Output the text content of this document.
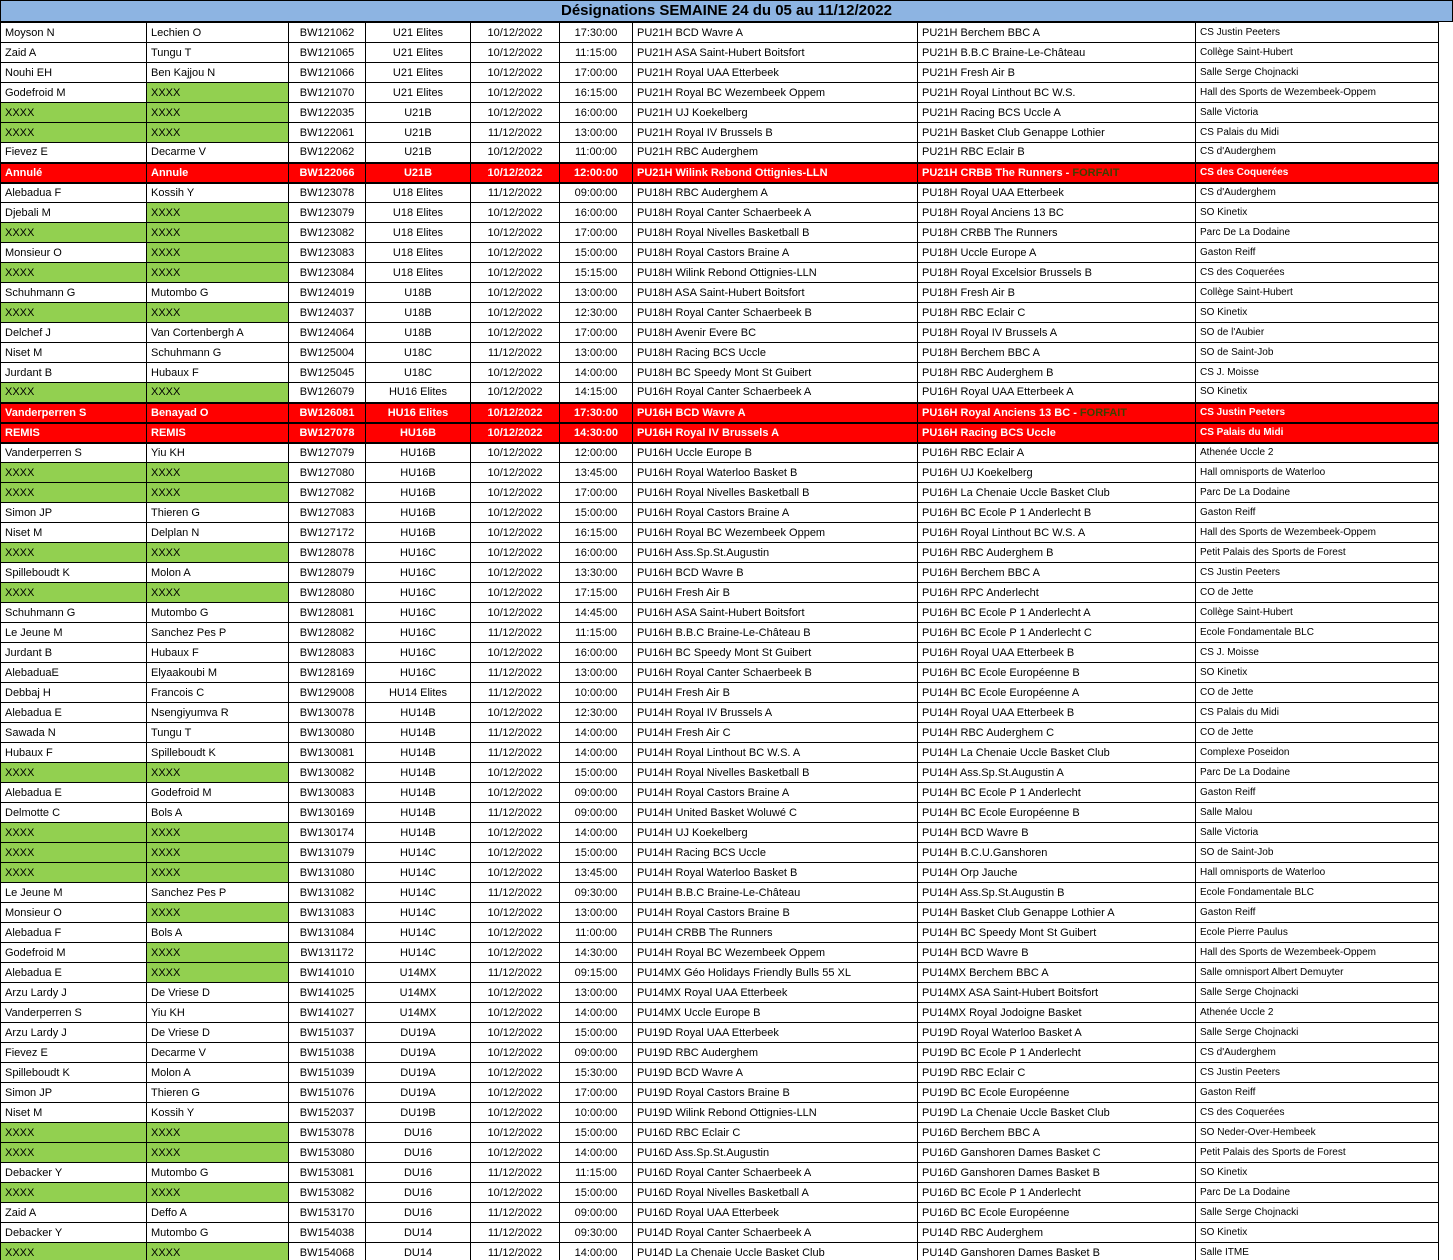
Désignations SEMAINE 24 du 05 au 11/12/2022
Moyson N	Lechien O	BW121062	U21 Elites	10/12/2022	17:30:00	PU21H BCD Wavre A	PU21H Berchem BBC A	CS Justin Peeters
Zaid A	Tungu T	BW121065	U21 Elites	10/12/2022	11:15:00	PU21H ASA Saint-Hubert Boitsfort	PU21H B.B.C Braine-Le-Château	Collège Saint-Hubert
Nouhi EH	Ben Kajjou N	BW121066	U21 Elites	10/12/2022	17:00:00	PU21H Royal UAA Etterbeek	PU21H Fresh Air B	Salle Serge Chojnacki
Godefroid M	XXXX	BW121070	U21 Elites	10/12/2022	16:15:00	PU21H Royal BC Wezembeek Oppem	PU21H Royal Linthout BC W.S.	Hall des Sports de Wezembeek-Oppem
XXXX	XXXX	BW122035	U21B	10/12/2022	16:00:00	PU21H UJ Koekelberg	PU21H Racing BCS Uccle A	Salle Victoria
XXXX	XXXX	BW122061	U21B	11/12/2022	13:00:00	PU21H Royal IV Brussels B	PU21H Basket Club Genappe Lothier	CS Palais du Midi
Fievez E	Decarme V	BW122062	U21B	10/12/2022	11:00:00	PU21H RBC Auderghem	PU21H RBC Eclair B	CS d'Auderghem
Annulé	Annule	BW122066	U21B	10/12/2022	12:00:00	PU21H Wilink Rebond Ottignies-LLN	PU21H CRBB The Runners - FORFAIT	CS des Coquerées
Alebadua F	Kossih Y	BW123078	U18 Elites	11/12/2022	09:00:00	PU18H RBC Auderghem A	PU18H Royal UAA Etterbeek	CS d'Auderghem
Djebali M	XXXX	BW123079	U18 Elites	10/12/2022	16:00:00	PU18H Royal Canter Schaerbeek A	PU18H Royal Anciens 13 BC	SO Kinetix
XXXX	XXXX	BW123082	U18 Elites	10/12/2022	17:00:00	PU18H Royal Nivelles Basketball B	PU18H CRBB The Runners	Parc De La Dodaine
Monsieur O	XXXX	BW123083	U18 Elites	10/12/2022	15:00:00	PU18H Royal Castors Braine A	PU18H Uccle Europe A	Gaston Reiff
XXXX	XXXX	BW123084	U18 Elites	10/12/2022	15:15:00	PU18H Wilink Rebond Ottignies-LLN	PU18H Royal Excelsior Brussels B	CS des Coquerées
Schuhmann G	Mutombo G	BW124019	U18B	10/12/2022	13:00:00	PU18H ASA Saint-Hubert Boitsfort	PU18H Fresh Air B	Collège Saint-Hubert
XXXX	XXXX	BW124037	U18B	10/12/2022	12:30:00	PU18H Royal Canter Schaerbeek B	PU18H RBC Eclair C	SO Kinetix
Delchef J	Van Cortenbergh A	BW124064	U18B	10/12/2022	17:00:00	PU18H Avenir Evere BC	PU18H Royal IV Brussels A	SO de l'Aubier
Niset M	Schuhmann G	BW125004	U18C	11/12/2022	13:00:00	PU18H Racing BCS Uccle	PU18H Berchem BBC A	SO de Saint-Job
Jurdant B	Hubaux F	BW125045	U18C	10/12/2022	14:00:00	PU18H BC Speedy Mont St Guibert	PU18H RBC Auderghem B	CS J. Moisse
XXXX	XXXX	BW126079	HU16 Elites	10/12/2022	14:15:00	PU16H Royal Canter Schaerbeek A	PU16H Royal UAA Etterbeek A	SO Kinetix
Vanderperren S	Benayad O	BW126081	HU16 Elites	10/12/2022	17:30:00	PU16H BCD Wavre A	PU16H Royal Anciens 13 BC - FORFAIT	CS Justin Peeters
REMIS	REMIS	BW127078	HU16B	10/12/2022	14:30:00	PU16H Royal IV Brussels A	PU16H Racing BCS Uccle	CS Palais du Midi
Vanderperren S	Yiu KH	BW127079	HU16B	10/12/2022	12:00:00	PU16H Uccle Europe B	PU16H RBC Eclair A	Athenée Uccle 2
XXXX	XXXX	BW127080	HU16B	10/12/2022	13:45:00	PU16H Royal Waterloo Basket B	PU16H UJ Koekelberg	Hall omnisports de Waterloo
XXXX	XXXX	BW127082	HU16B	10/12/2022	17:00:00	PU16H Royal Nivelles Basketball B	PU16H La Chenaie Uccle Basket Club	Parc De La Dodaine
Simon JP	Thieren G	BW127083	HU16B	10/12/2022	15:00:00	PU16H Royal Castors Braine A	PU16H BC Ecole P 1 Anderlecht B	Gaston Reiff
Niset M	Delplan N	BW127172	HU16B	10/12/2022	16:15:00	PU16H Royal BC Wezembeek Oppem	PU16H Royal Linthout BC W.S. A	Hall des Sports de Wezembeek-Oppem
XXXX	XXXX	BW128078	HU16C	10/12/2022	16:00:00	PU16H Ass.Sp.St.Augustin	PU16H RBC Auderghem B	Petit Palais des Sports de Forest
Spilleboudt K	Molon A	BW128079	HU16C	10/12/2022	13:30:00	PU16H BCD Wavre B	PU16H Berchem BBC A	CS Justin Peeters
XXXX	XXXX	BW128080	HU16C	10/12/2022	17:15:00	PU16H Fresh Air B	PU16H RPC Anderlecht	CO de Jette
Schuhmann G	Mutombo G	BW128081	HU16C	10/12/2022	14:45:00	PU16H ASA Saint-Hubert Boitsfort	PU16H BC Ecole P 1 Anderlecht A	Collège Saint-Hubert
Le Jeune M	Sanchez Pes P	BW128082	HU16C	11/12/2022	11:15:00	PU16H B.B.C Braine-Le-Château B	PU16H BC Ecole P 1 Anderlecht C	Ecole Fondamentale BLC
Jurdant B	Hubaux F	BW128083	HU16C	10/12/2022	16:00:00	PU16H BC Speedy Mont St Guibert	PU16H Royal UAA Etterbeek B	CS J. Moisse
AlebaduaE	Elyaakoubi M	BW128169	HU16C	11/12/2022	13:00:00	PU16H Royal Canter Schaerbeek B	PU16H BC Ecole Européenne B	SO Kinetix
Debbaj H	Francois C	BW129008	HU14 Elites	11/12/2022	10:00:00	PU14H Fresh Air B	PU14H BC Ecole Européenne A	CO de Jette
Alebadua E	Nsengiyumva R	BW130078	HU14B	10/12/2022	12:30:00	PU14H Royal IV Brussels A	PU14H Royal UAA Etterbeek B	CS Palais du Midi
Sawada N	Tungu T	BW130080	HU14B	11/12/2022	14:00:00	PU14H Fresh Air C	PU14H RBC Auderghem C	CO de Jette
Hubaux F	Spilleboudt K	BW130081	HU14B	11/12/2022	14:00:00	PU14H Royal Linthout BC W.S. A	PU14H La Chenaie Uccle Basket Club	Complexe Poseidon
XXXX	XXXX	BW130082	HU14B	10/12/2022	15:00:00	PU14H Royal Nivelles Basketball B	PU14H Ass.Sp.St.Augustin A	Parc De La Dodaine
Alebadua E	Godefroid M	BW130083	HU14B	10/12/2022	09:00:00	PU14H Royal Castors Braine A	PU14H BC Ecole P 1 Anderlecht	Gaston Reiff
Delmotte C	Bols A	BW130169	HU14B	11/12/2022	09:00:00	PU14H United Basket Woluwé C	PU14H BC Ecole Européenne B	Salle Malou
XXXX	XXXX	BW130174	HU14B	10/12/2022	14:00:00	PU14H UJ Koekelberg	PU14H BCD Wavre B	Salle Victoria
XXXX	XXXX	BW131079	HU14C	10/12/2022	15:00:00	PU14H Racing BCS Uccle	PU14H B.C.U.Ganshoren	SO de Saint-Job
XXXX	XXXX	BW131080	HU14C	10/12/2022	13:45:00	PU14H Royal Waterloo Basket B	PU14H Orp Jauche	Hall omnisports de Waterloo
Le Jeune M	Sanchez Pes P	BW131082	HU14C	11/12/2022	09:30:00	PU14H B.B.C Braine-Le-Château	PU14H Ass.Sp.St.Augustin B	Ecole Fondamentale BLC
Monsieur O	XXXX	BW131083	HU14C	10/12/2022	13:00:00	PU14H Royal Castors Braine B	PU14H Basket Club Genappe Lothier A	Gaston Reiff
Alebadua F	Bols A	BW131084	HU14C	10/12/2022	11:00:00	PU14H CRBB The Runners	PU14H BC Speedy Mont St Guibert	Ecole Pierre Paulus
Godefroid M	XXXX	BW131172	HU14C	10/12/2022	14:30:00	PU14H Royal BC Wezembeek Oppem	PU14H BCD Wavre B	Hall des Sports de Wezembeek-Oppem
Alebadua E	XXXX	BW141010	U14MX	11/12/2022	09:15:00	PU14MX Géo Holidays Friendly Bulls 55 XL	PU14MX Berchem BBC A	Salle omnisport Albert Demuyter
Arzu Lardy J	De Vriese D	BW141025	U14MX	10/12/2022	13:00:00	PU14MX Royal UAA Etterbeek	PU14MX ASA Saint-Hubert Boitsfort	Salle Serge Chojnacki
Vanderperren S	Yiu KH	BW141027	U14MX	10/12/2022	14:00:00	PU14MX Uccle Europe B	PU14MX Royal Jodoigne Basket	Athenée Uccle 2
Arzu Lardy J	De Vriese D	BW151037	DU19A	10/12/2022	15:00:00	PU19D Royal UAA Etterbeek	PU19D Royal Waterloo Basket A	Salle Serge Chojnacki
Fievez E	Decarme V	BW151038	DU19A	10/12/2022	09:00:00	PU19D RBC Auderghem	PU19D BC Ecole P 1 Anderlecht	CS d'Auderghem
Spilleboudt K	Molon A	BW151039	DU19A	10/12/2022	15:30:00	PU19D BCD Wavre A	PU19D RBC Eclair C	CS Justin Peeters
Simon JP	Thieren G	BW151076	DU19A	10/12/2022	17:00:00	PU19D Royal Castors Braine B	PU19D BC Ecole Européenne	Gaston Reiff
Niset M	Kossih Y	BW152037	DU19B	10/12/2022	10:00:00	PU19D Wilink Rebond Ottignies-LLN	PU19D La Chenaie Uccle Basket Club	CS des Coquerées
XXXX	XXXX	BW153078	DU16	10/12/2022	15:00:00	PU16D RBC Eclair C	PU16D Berchem BBC A	SO Neder-Over-Hembeek
XXXX	XXXX	BW153080	DU16	10/12/2022	14:00:00	PU16D Ass.Sp.St.Augustin	PU16D Ganshoren Dames Basket C	Petit Palais des Sports de Forest
Debacker Y	Mutombo G	BW153081	DU16	11/12/2022	11:15:00	PU16D Royal Canter Schaerbeek A	PU16D Ganshoren Dames Basket B	SO Kinetix
XXXX	XXXX	BW153082	DU16	10/12/2022	15:00:00	PU16D Royal Nivelles Basketball A	PU16D BC Ecole P 1 Anderlecht	Parc De La Dodaine
Zaid A	Deffo A	BW153170	DU16	11/12/2022	09:00:00	PU16D Royal UAA Etterbeek	PU16D BC Ecole Européenne	Salle Serge Chojnacki
Debacker Y	Mutombo G	BW154038	DU14	11/12/2022	09:30:00	PU14D Royal Canter Schaerbeek A	PU14D RBC Auderghem	SO Kinetix
XXXX	XXXX	BW154068	DU14	11/12/2022	14:00:00	PU14D La Chenaie Uccle Basket Club	PU14D Ganshoren Dames Basket B	Salle ITME
